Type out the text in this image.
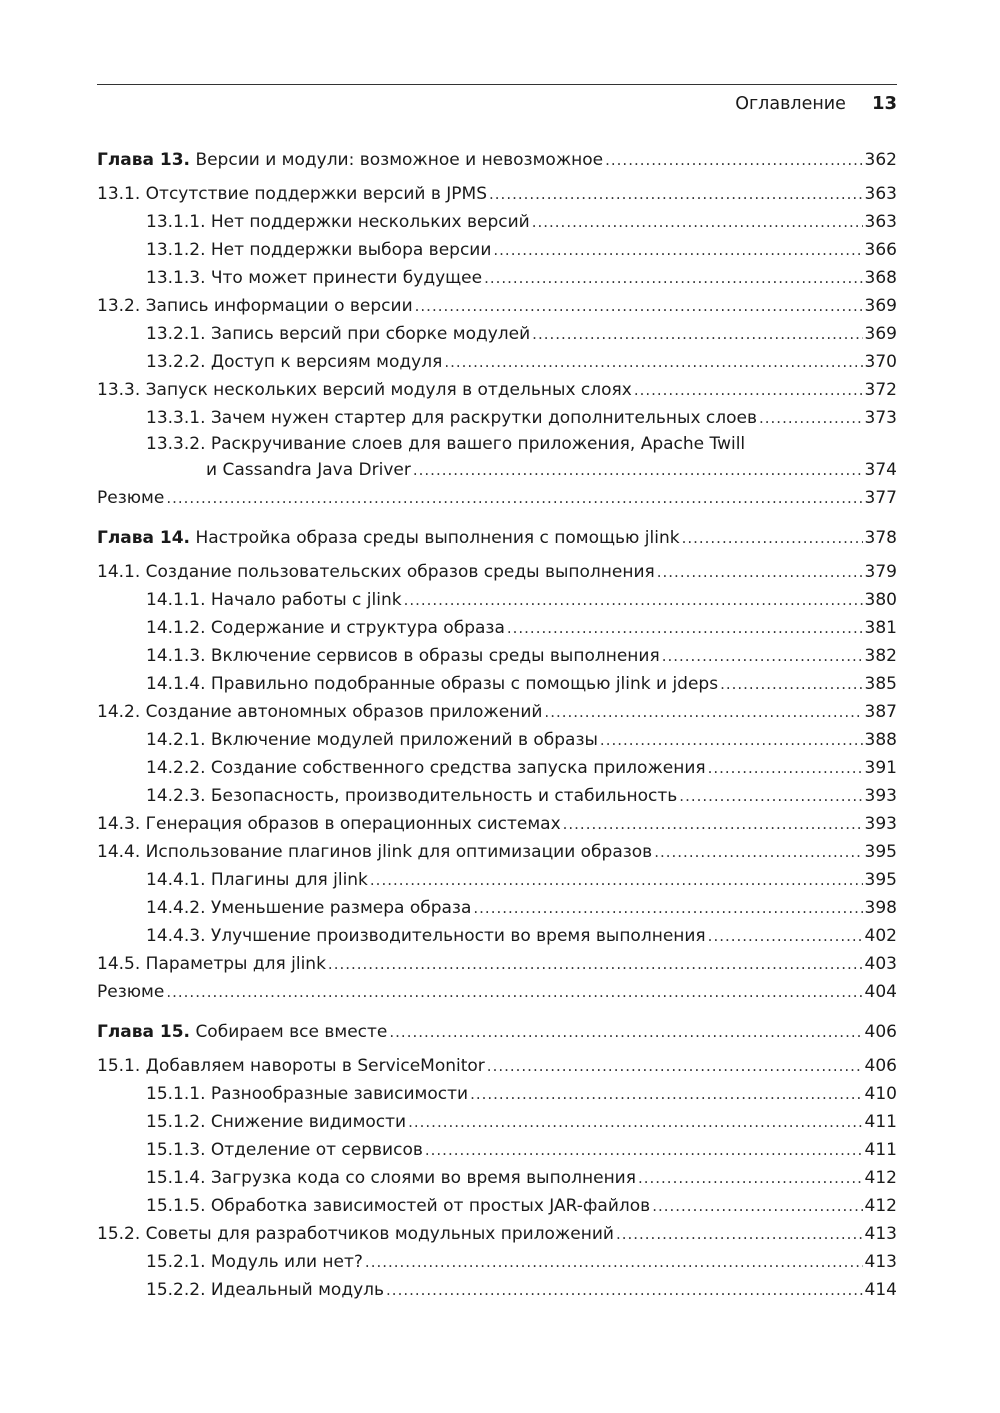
Оглавление 13
Глава 13. Версии и модули: возможное и невозможное .....	362
13.1. Отсутствие поддержки версий в JPMS .....	363
13.1.1. Нет поддержки нескольких версий .....	363
13.1.2. Нет поддержки выбора версии .....	366
13.1.3. Что может принести будущее .....	368
13.2. Запись информации о версии .....	369
13.2.1. Запись версий при сборке модулей .....	369
13.2.2. Доступ к версиям модуля .....	370
13.3. Запуск нескольких версий модуля в отдельных слоях .....	372
13.3.1. Зачем нужен стартер для раскрутки дополнительных слоев .....	373
13.3.2. Раскручивание слоев для вашего приложения, Apache Twill
и Cassandra Java Driver .....	374
Резюме .....	377
Глава 14. Настройка образа среды выполнения с помощью jlink .....	378
14.1. Создание пользовательских образов среды выполнения .....	379
14.1.1. Начало работы с jlink .....	380
14.1.2. Содержание и структура образа .....	381
14.1.3. Включение сервисов в образы среды выполнения .....	382
14.1.4. Правильно подобранные образы с помощью jlink и jdeps .....	385
14.2. Создание автономных образов приложений .....	387
14.2.1. Включение модулей приложений в образы .....	388
14.2.2. Создание собственного средства запуска приложения .....	391
14.2.3. Безопасность, производительность и стабильность .....	393
14.3. Генерация образов в операционных системах .....	393
14.4. Использование плагинов jlink для оптимизации образов .....	395
14.4.1. Плагины для jlink .....	395
14.4.2. Уменьшение размера образа .....	398
14.4.3. Улучшение производительности во время выполнения .....	402
14.5. Параметры для jlink .....	403
Резюме .....	404
Глава 15. Собираем все вместе .....	406
15.1. Добавляем навороты в ServiceMonitor .....	406
15.1.1. Разнообразные зависимости .....	410
15.1.2. Снижение видимости .....	411
15.1.3. Отделение от сервисов .....	411
15.1.4. Загрузка кода со слоями во время выполнения .....	412
15.1.5. Обработка зависимостей от простых JAR-файлов .....	412
15.2. Советы для разработчиков модульных приложений .....	413
15.2.1. Модуль или нет? .....	413
15.2.2. Идеальный модуль .....	414
